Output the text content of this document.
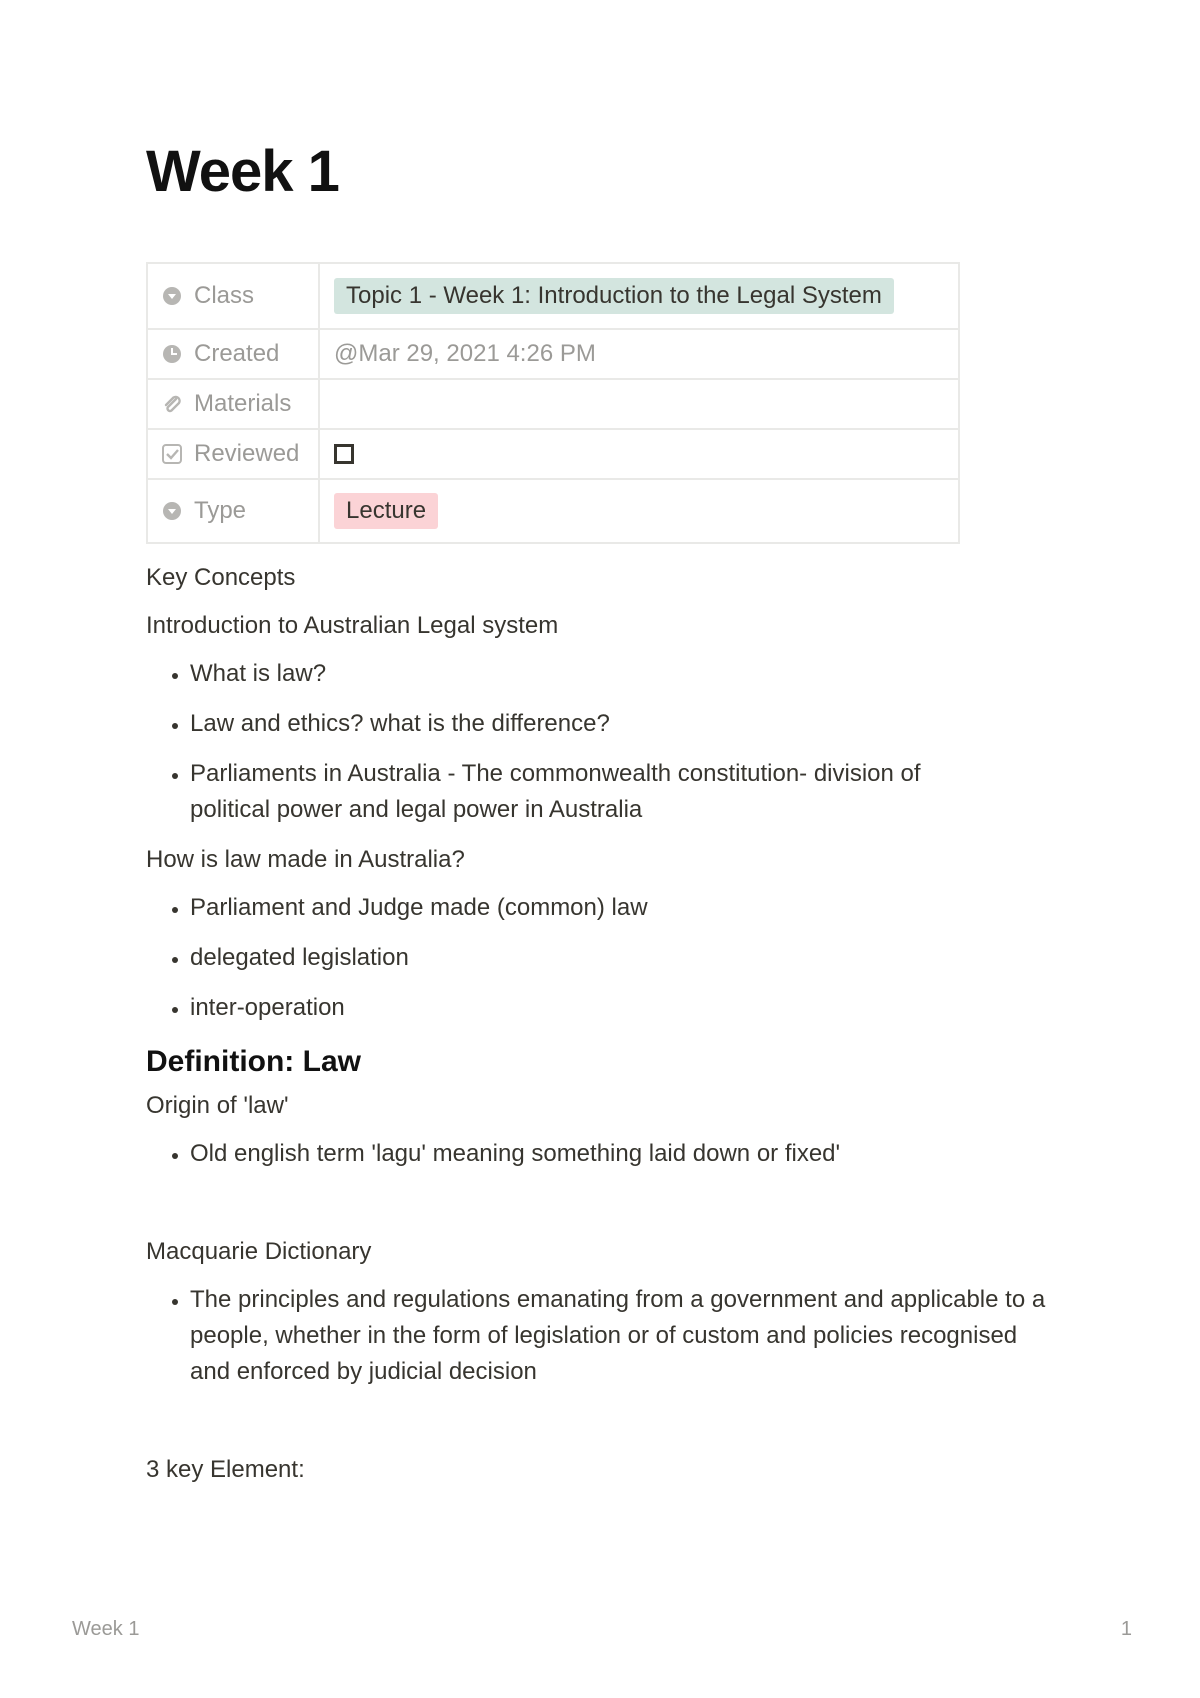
Week 1
Class	Topic 1 - Week 1: Introduction to the Legal System
Created	@Mar 29, 2021 4:26 PM
Materials	
Reviewed	
Type	Lecture

Key Concepts

Introduction to Australian Legal system

• What is law?
• Law and ethics? what is the difference?
• Parliaments in Australia - The commonwealth constitution- division of political power and legal power in Australia

How is law made in Australia?

• Parliament and Judge made (common) law
• delegated legislation
• inter-operation
Definition: Law

Origin of 'law'

• Old english term 'lagu' meaning something laid down or fixed'

Macquarie Dictionary

• The principles and regulations emanating from a government and applicable to a people, whether in the form of legislation or of custom and policies recognised and enforced by judicial decision

3 key Element:

Week 1	1
